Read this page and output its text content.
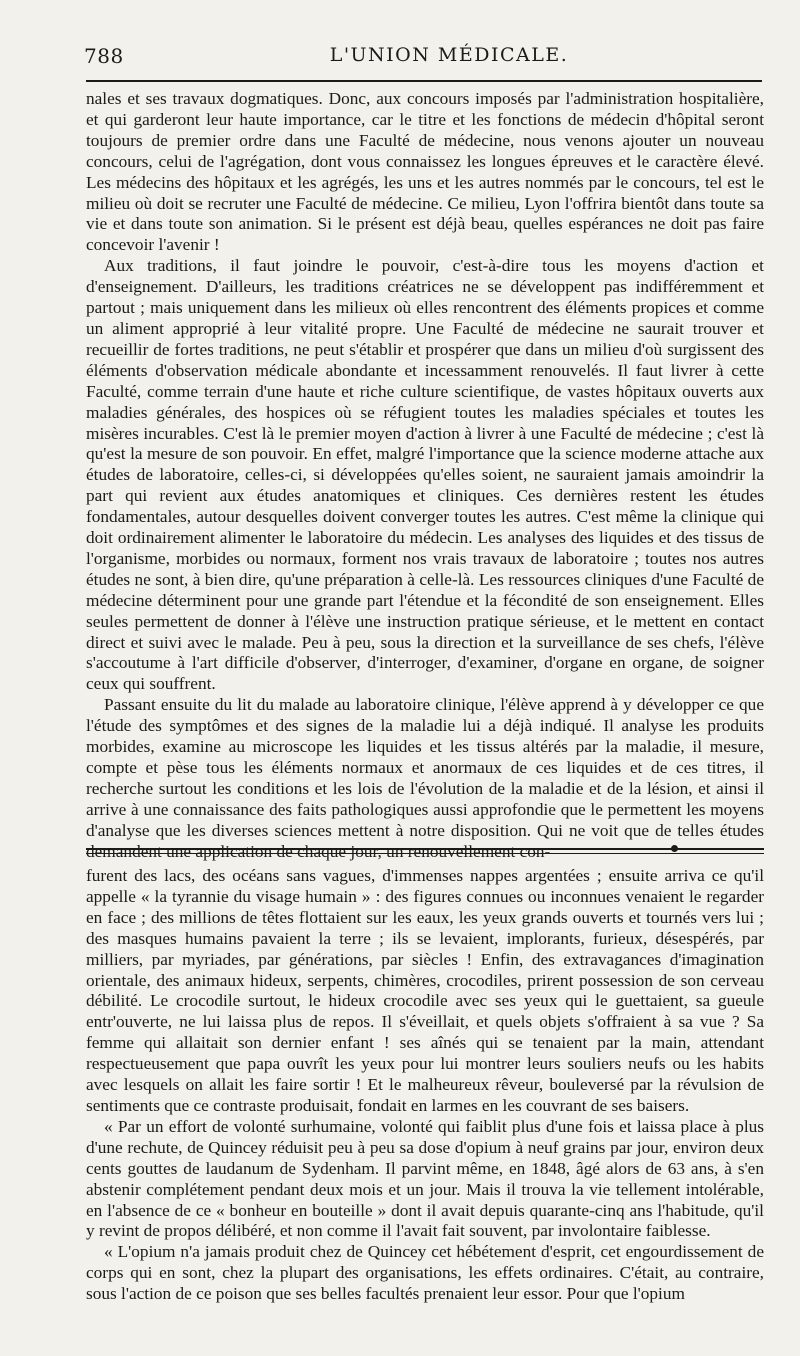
788	L'UNION MÉDICALE.

nales et ses travaux dogmatiques. Donc, aux concours imposés par l'administration hospitalière, et qui garderont leur haute importance, car le titre et les fonctions de médecin d'hôpital seront toujours de premier ordre dans une Faculté de médecine, nous venons ajouter un nouveau concours, celui de l'agrégation, dont vous connaissez les longues épreuves et le caractère élevé. Les médecins des hôpitaux et les agrégés, les uns et les autres nommés par le concours, tel est le milieu où doit se recruter une Faculté de médecine. Ce milieu, Lyon l'offrira bientôt dans toute sa vie et dans toute son animation. Si le présent est déjà beau, quelles espérances ne doit pas faire concevoir l'avenir !

Aux traditions, il faut joindre le pouvoir, c'est-à-dire tous les moyens d'action et d'enseignement. D'ailleurs, les traditions créatrices ne se développent pas indifféremment et partout ; mais uniquement dans les milieux où elles rencontrent des éléments propices et comme un aliment approprié à leur vitalité propre. Une Faculté de médecine ne saurait trouver et recueillir de fortes traditions, ne peut s'établir et prospérer que dans un milieu d'où surgissent des éléments d'observation médicale abondante et incessamment renouvelés. Il faut livrer à cette Faculté, comme terrain d'une haute et riche culture scientifique, de vastes hôpitaux ouverts aux maladies générales, des hospices où se réfugient toutes les maladies spéciales et toutes les misères incurables. C'est là le premier moyen d'action à livrer à une Faculté de médecine ; c'est là qu'est la mesure de son pouvoir. En effet, malgré l'importance que la science moderne attache aux études de laboratoire, celles-ci, si développées qu'elles soient, ne sauraient jamais amoindrir la part qui revient aux études anatomiques et cliniques. Ces dernières restent les études fondamentales, autour desquelles doivent converger toutes les autres. C'est même la clinique qui doit ordinairement alimenter le laboratoire du médecin. Les analyses des liquides et des tissus de l'organisme, morbides ou normaux, forment nos vrais travaux de laboratoire ; toutes nos autres études ne sont, à bien dire, qu'une préparation à celle-là. Les ressources cliniques d'une Faculté de médecine déterminent pour une grande part l'étendue et la fécondité de son enseignement. Elles seules permettent de donner à l'élève une instruction pratique sérieuse, et le mettent en contact direct et suivi avec le malade. Peu à peu, sous la direction et la surveillance de ses chefs, l'élève s'accoutume à l'art difficile d'observer, d'interroger, d'examiner, d'organe en organe, de soigner ceux qui souffrent.

Passant ensuite du lit du malade au laboratoire clinique, l'élève apprend à y développer ce que l'étude des symptômes et des signes de la maladie lui a déjà indiqué. Il analyse les produits morbides, examine au microscope les liquides et les tissus altérés par la maladie, il mesure, compte et pèse tous les éléments normaux et anormaux de ces liquides et de ces titres, il recherche surtout les conditions et les lois de l'évolution de la maladie et de la lésion, et ainsi il arrive à une connaissance des faits pathologiques aussi approfondie que le permettent les moyens d'analyse que les diverses sciences mettent à notre disposition. Qui ne voit que de telles études demandent une application de chaque jour, un renouvellement con-

furent des lacs, des océans sans vagues, d'immenses nappes argentées ; ensuite arriva ce qu'il appelle « la tyrannie du visage humain » : des figures connues ou inconnues venaient le regarder en face ; des millions de têtes flottaient sur les eaux, les yeux grands ouverts et tournés vers lui ; des masques humains pavaient la terre ; ils se levaient, implorants, furieux, désespérés, par milliers, par myriades, par générations, par siècles ! Enfin, des extravagances d'imagination orientale, des animaux hideux, serpents, chimères, crocodiles, prirent possession de son cerveau débilité. Le crocodile surtout, le hideux crocodile avec ses yeux qui le guettaient, sa gueule entr'ouverte, ne lui laissa plus de repos. Il s'éveillait, et quels objets s'offraient à sa vue ? Sa femme qui allaitait son dernier enfant ! ses aînés qui se tenaient par la main, attendant respectueusement que papa ouvrît les yeux pour lui montrer leurs souliers neufs ou les habits avec lesquels on allait les faire sortir ! Et le malheureux rêveur, bouleversé par la révulsion de sentiments que ce contraste produisait, fondait en larmes en les couvrant de ses baisers.

« Par un effort de volonté surhumaine, volonté qui faiblit plus d'une fois et laissa place à plus d'une rechute, de Quincey réduisit peu à peu sa dose d'opium à neuf grains par jour, environ deux cents gouttes de laudanum de Sydenham. Il parvint même, en 1848, âgé alors de 63 ans, à s'en abstenir complétement pendant deux mois et un jour. Mais il trouva la vie tellement intolérable, en l'absence de ce « bonheur en bouteille » dont il avait depuis quarante-cinq ans l'habitude, qu'il y revint de propos délibéré, et non comme il l'avait fait souvent, par involontaire faiblesse.

« L'opium n'a jamais produit chez de Quincey cet hébétement d'esprit, cet engourdissement de corps qui en sont, chez la plupart des organisations, les effets ordinaires. C'était, au contraire, sous l'action de ce poison que ses belles facultés prenaient leur essor. Pour que l'opium
